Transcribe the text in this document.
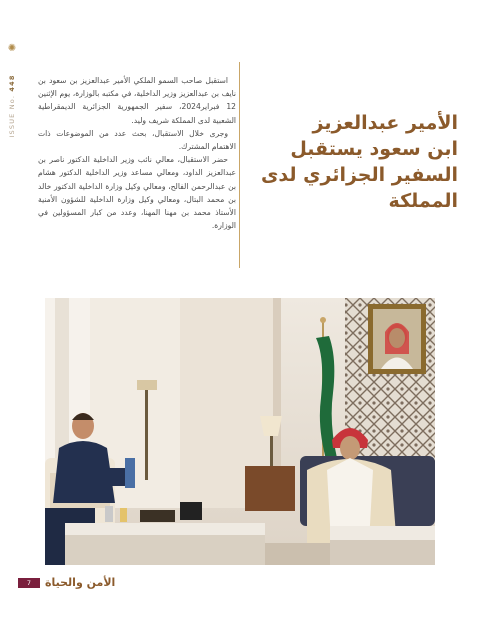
✺
ISSUE No. 448	استقبل صاحب السمو الملكي الأمير عبدالعزيز بن سعود بن نايف بن عبدالعزيز وزير الداخلية، في مكتبه بالوزارة، يوم الإثنين 12 فبراير2024، سفير الجمهورية الجزائرية الديمقراطية الشعبية لدى المملكة شريف وليد.

وجرى خلال الاستقبال، بحث عدد من الموضوعات ذات الاهتمام المشترك.

حضر الاستقبال، معالي نائب وزير الداخلية الدكتور ناصر بن عبدالعزيز الداود، ومعالي مساعد وزير الداخلية الدكتور هشام بن عبدالرحمن الفالح، ومعالي وكيل وزارة الداخلية الدكتور خالد بن محمد البتال، ومعالي وكيل وزارة الداخلية للشؤون الأمنية الأستاذ محمد بن مهنا المهنا، وعدد من كبار المسؤولين في الوزارة.

الأمير عبدالعزيز
ابن سعود يستقبل
السفير الجزائري لدى
المملكة
7	الأمن والحياة
